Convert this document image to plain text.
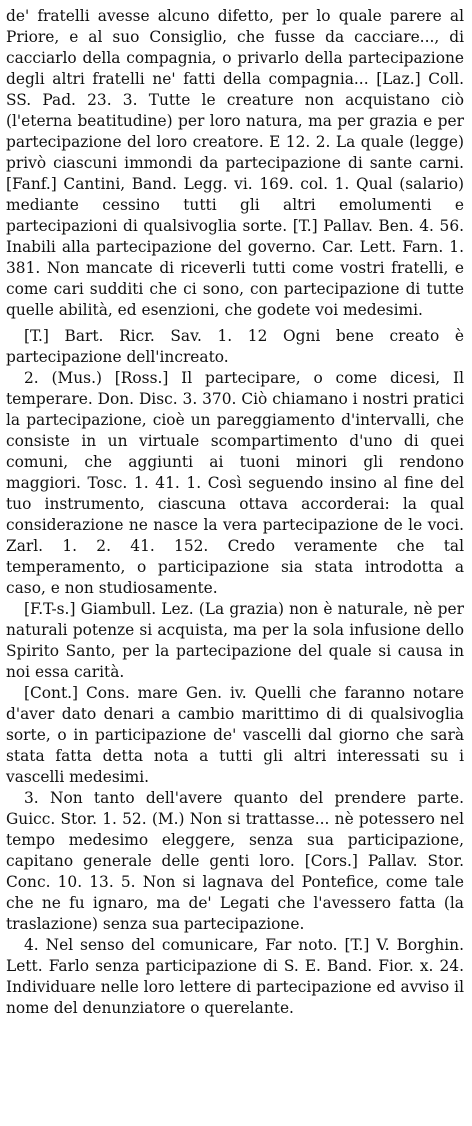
de' fratelli avesse alcuno difetto, per lo quale parere al Priore, e al suo Consiglio, che fusse da cacciare..., di cacciarlo della compagnia, o privarlo della partecipazione degli altri fratelli ne' fatti della compagnia... [Laz.] Coll. SS. Pad. 23. 3. Tutte le creature non acquistano ciò (l'eterna beatitudine) per loro natura, ma per grazia e per partecipazione del loro creatore. E 12. 2. La quale (legge) privò ciascuni immondi da partecipazione di sante carni. [Fanf.] Cantini, Band. Legg. vi. 169. col. 1. Qual (salario) mediante cessino tutti gli altri emolumenti e partecipazioni di qualsivoglia sorte. [T.] Pallav. Ben. 4. 56. Inabili alla partecipazione del governo. Car. Lett. Farn. 1. 381. Non mancate di riceverli tutti come vostri fratelli, e come cari sudditi che ci sono, con partecipazione di tutte quelle abilità, ed esenzioni, che godete voi medesimi.

[T.] Bart. Ricr. Sav. 1. 12 Ogni bene creato è partecipazione dell'increato.

2. (Mus.) [Ross.] Il partecipare, o come dicesi, Il temperare. Don. Disc. 3. 370. Ciò chiamano i nostri pratici la partecipazione, cioè un pareggiamento d'intervalli, che consiste in un virtuale scompartimento d'uno di quei comuni, che aggiunti ai tuoni minori gli rendono maggiori. Tosc. 1. 41. 1. Così seguendo insino al fine del tuo instrumento, ciascuna ottava accorderai: la qual considerazione ne nasce la vera partecipazione de le voci. Zarl. 1. 2. 41. 152. Credo veramente che tal temperamento, o participazione sia stata introdotta a caso, e non studiosamente.

[F.T-s.] Giambull. Lez. (La grazia) non è naturale, nè per naturali potenze si acquista, ma per la sola infusione dello Spirito Santo, per la partecipazione del quale si causa in noi essa carità.

[Cont.] Cons. mare Gen. iv. Quelli che faranno notare d'aver dato denari a cambio marittimo di di qualsivoglia sorte, o in participazione de' vascelli dal giorno che sarà stata fatta detta nota a tutti gli altri interessati su i vascelli medesimi.

3. Non tanto dell'avere quanto del prendere parte. Guicc. Stor. 1. 52. (M.) Non si trattasse... nè potessero nel tempo medesimo eleggere, senza sua participazione, capitano generale delle genti loro. [Cors.] Pallav. Stor. Conc. 10. 13. 5. Non si lagnava del Pontefice, come tale che ne fu ignaro, ma de' Legati che l'avessero fatta (la traslazione) senza sua partecipazione.

4. Nel senso del comunicare, Far noto. [T.] V. Borghin. Lett. Farlo senza participazione di S. E. Band. Fior. x. 24. Individuare nelle loro lettere di partecipazione ed avviso il nome del denunziatore o querelante.
